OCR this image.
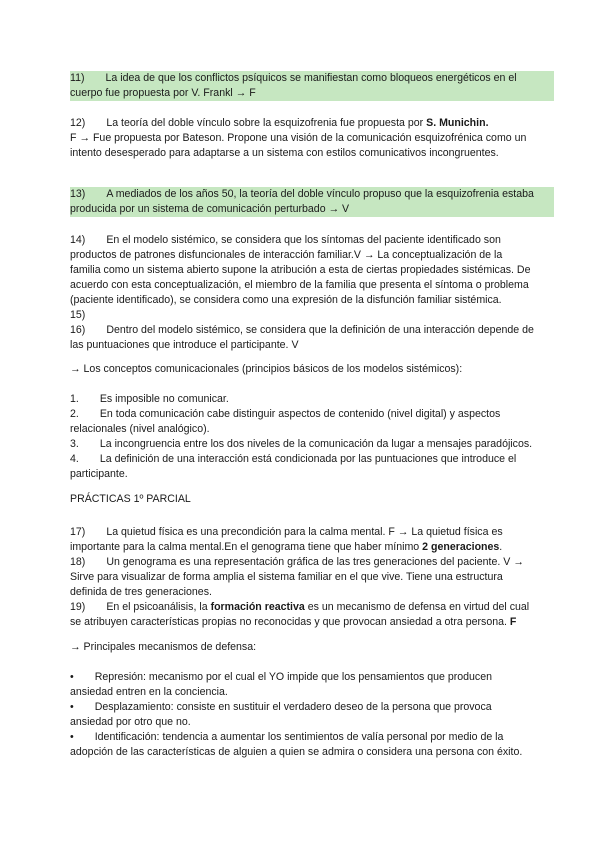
11) La idea de que los conflictos psíquicos se manifiestan como bloqueos energéticos en el

cuerpo fue propuesta por V. Frankl → F

12) La teoría del doble vínculo sobre la esquizofrenia fue propuesta por S. Munichin.

F → Fue propuesta por Bateson. Propone una visión de la comunicación esquizofrénica como un

intento desesperado para adaptarse a un sistema con estilos comunicativos incongruentes.

13) A mediados de los años 50, la teoría del doble vínculo propuso que la esquizofrenia estaba

producida por un sistema de comunicación perturbado → V

14) En el modelo sistémico, se considera que los síntomas del paciente identificado son

productos de patrones disfuncionales de interacción familiar.V → La conceptualización de la

familia como un sistema abierto supone la atribución a esta de ciertas propiedades sistémicas. De

acuerdo con esta conceptualización, el miembro de la familia que presenta el síntoma o problema

(paciente identificado), se considera como una expresión de la disfunción familiar sistémica.

15)

16) Dentro del modelo sistémico, se considera que la definición de una interacción depende de

las puntuaciones que introduce el participante. V

→ Los conceptos comunicacionales (principios básicos de los modelos sistémicos):

1. Es imposible no comunicar.

2. En toda comunicación cabe distinguir aspectos de contenido (nivel digital) y aspectos

relacionales (nivel analógico).

3. La incongruencia entre los dos niveles de la comunicación da lugar a mensajes paradójicos.

4. La definición de una interacción está condicionada por las puntuaciones que introduce el

participante.

PRÁCTICAS 1º PARCIAL

17) La quietud física es una precondición para la calma mental. F → La quietud física es

importante para la calma mental.En el genograma tiene que haber mínimo 2 generaciones.

18) Un genograma es una representación gráfica de las tres generaciones del paciente. V →

Sirve para visualizar de forma amplia el sistema familiar en el que vive. Tiene una estructura

definida de tres generaciones.

19) En el psicoanálisis, la formación reactiva es un mecanismo de defensa en virtud del cual

se atribuyen características propias no reconocidas y que provocan ansiedad a otra persona. F

→ Principales mecanismos de defensa:

• Represión: mecanismo por el cual el YO impide que los pensamientos que producen

ansiedad entren en la conciencia.

• Desplazamiento: consiste en sustituir el verdadero deseo de la persona que provoca

ansiedad por otro que no.

• Identificación: tendencia a aumentar los sentimientos de valía personal por medio de la

adopción de las características de alguien a quien se admira o considera una persona con éxito.
